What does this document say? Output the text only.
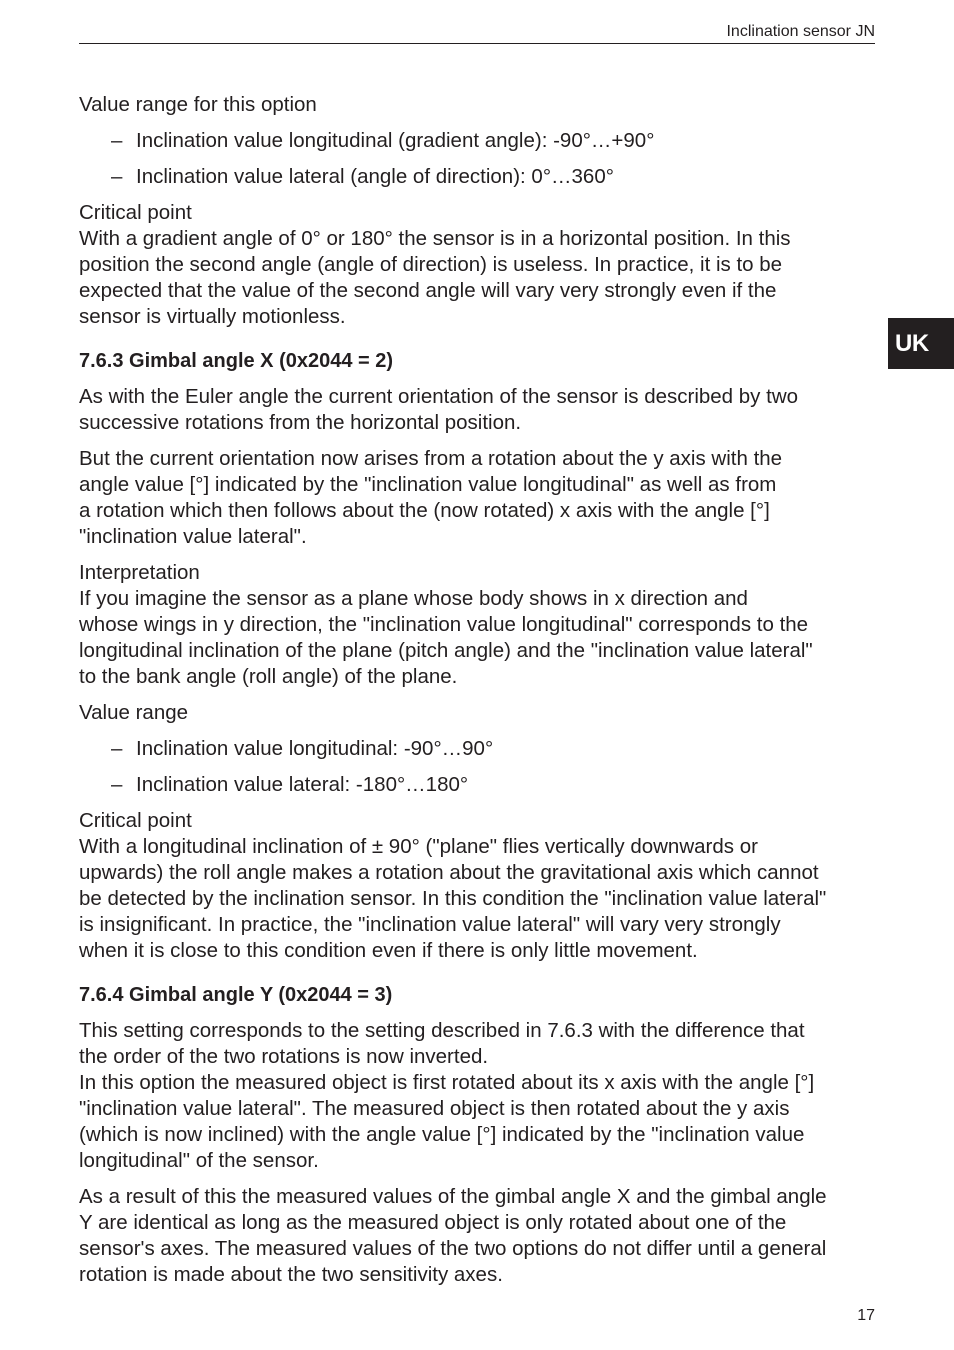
Inclination sensor JN
UK

Value range for this option

– Inclination value longitudinal (gradient angle): -90°…+90°
– Inclination value lateral (angle of direction): 0°…360°

Critical point
With a gradient angle of 0° or 180° the sensor is in a horizontal position. In this
position the second angle (angle of direction) is useless. In practice, it is to be
expected that the value of the second angle will vary very strongly even if the
sensor is virtually motionless.

7.6.3 Gimbal angle X (0x2044 = 2)

As with the Euler angle the current orientation of the sensor is described by two
successive rotations from the horizontal position.

But the current orientation now arises from a rotation about the y axis with the
angle value [°] indicated by the "inclination value longitudinal" as well as from
a rotation which then follows about the (now rotated) x axis with the angle [°]
"inclination value lateral".

Interpretation
If you imagine the sensor as a plane whose body shows in x direction and
whose wings in y direction, the "inclination value longitudinal" corresponds to the
longitudinal inclination of the plane (pitch angle) and the "inclination value lateral"
to the bank angle (roll angle) of the plane.

Value range

– Inclination value longitudinal: -90°…90°
– Inclination value lateral: -180°…180°

Critical point
With a longitudinal inclination of ± 90° ("plane" flies vertically downwards or
upwards) the roll angle makes a rotation about the gravitational axis which cannot
be detected by the inclination sensor. In this condition the "inclination value lateral"
is insignificant. In practice, the "inclination value lateral" will vary very strongly
when it is close to this condition even if there is only little movement.

7.6.4 Gimbal angle Y (0x2044 = 3)

This setting corresponds to the setting described in 7.6.3 with the difference that
the order of the two rotations is now inverted.
In this option the measured object is first rotated about its x axis with the angle [°]
"inclination value lateral". The measured object is then rotated about the y axis
(which is now inclined) with the angle value [°] indicated by the "inclination value
longitudinal" of the sensor.

As a result of this the measured values of the gimbal angle X and the gimbal angle
Y are identical as long as the measured object is only rotated about one of the
sensor's axes. The measured values of the two options do not differ until a general
rotation is made about the two sensitivity axes.

17
